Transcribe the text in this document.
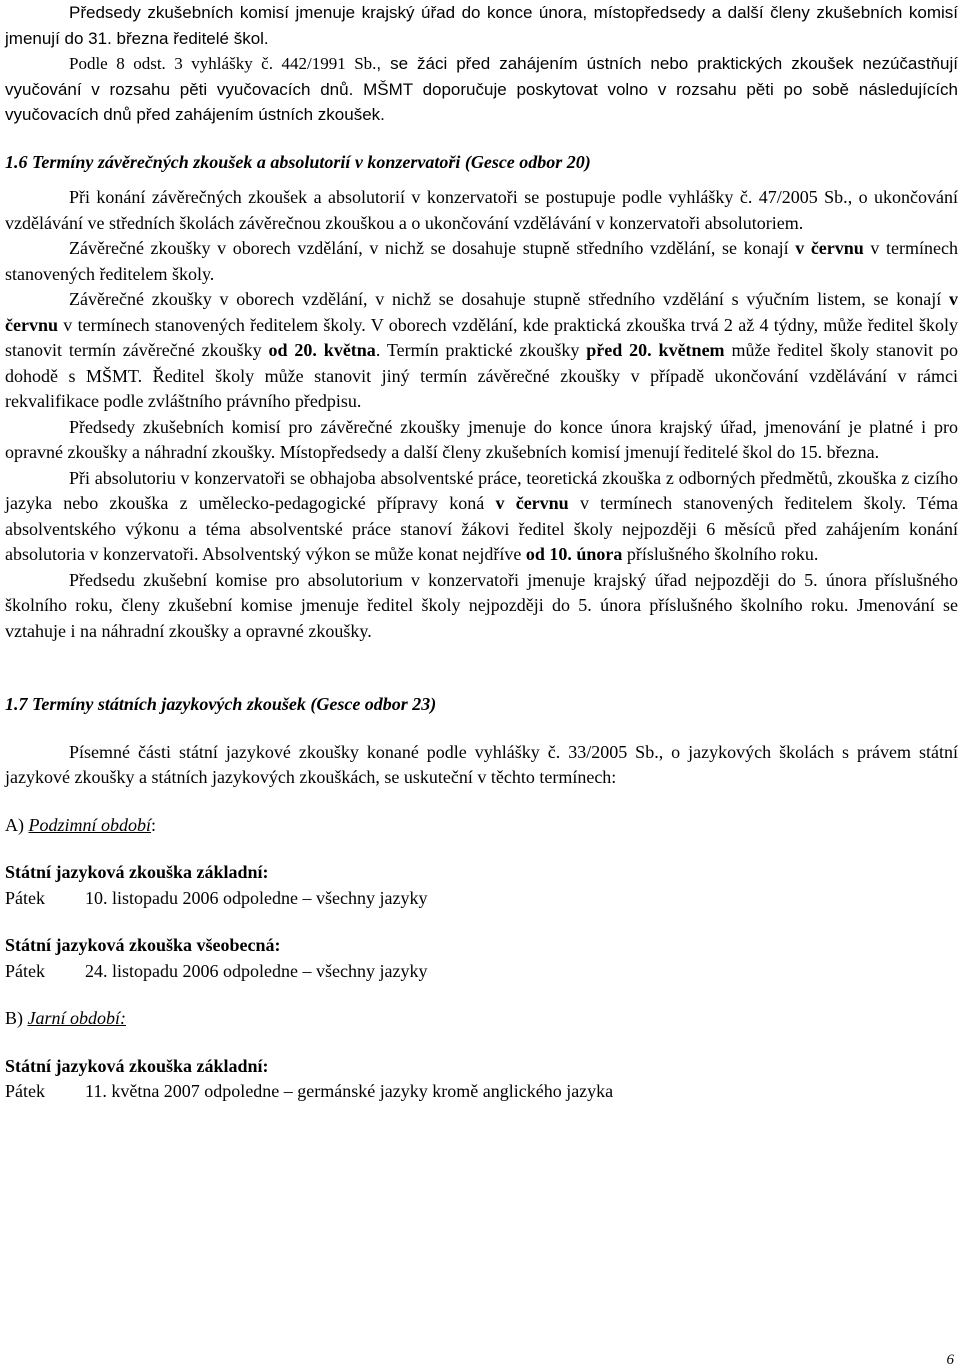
Předsedy zkušebních komisí jmenuje krajský úřad do konce února, místopředsedy a další členy zkušebních komisí jmenují do 31. března ředitelé škol.

Podle 8 odst. 3 vyhlášky č. 442/1991 Sb., se žáci před zahájením ústních nebo praktických zkoušek nezúčastňují vyučování v rozsahu pěti vyučovacích dnů. MŠMT doporučuje poskytovat volno v rozsahu pěti po sobě následujících vyučovacích dnů před zahájením ústních zkoušek.

1.6 Termíny závěrečných zkoušek a absolutorií v konzervatoři (Gesce odbor 20)

Při konání závěrečných zkoušek a absolutorií v konzervatoři se postupuje podle vyhlášky č. 47/2005 Sb., o ukončování vzdělávání ve středních školách závěrečnou zkouškou a o ukončování vzdělávání v konzervatoři absolutoriem.

Závěrečné zkoušky v oborech vzdělání, v nichž se dosahuje stupně středního vzdělání, se konají v červnu v termínech stanovených ředitelem školy.

Závěrečné zkoušky v oborech vzdělání, v nichž se dosahuje stupně středního vzdělání s výučním listem, se konají v červnu v termínech stanovených ředitelem školy. V oborech vzdělání, kde praktická zkouška trvá 2 až 4 týdny, může ředitel školy stanovit termín závěrečné zkoušky od 20. května. Termín praktické zkoušky před 20. květnem může ředitel školy stanovit po dohodě s MŠMT. Ředitel školy může stanovit jiný termín závěrečné zkoušky v případě ukončování vzdělávání v rámci rekvalifikace podle zvláštního právního předpisu.

Předsedy zkušebních komisí pro závěrečné zkoušky jmenuje do konce února krajský úřad, jmenování je platné i pro opravné zkoušky a náhradní zkoušky. Místopředsedy a další členy zkušebních komisí jmenují ředitelé škol do 15. března.

Při absolutoriu v konzervatoři se obhajoba absolventské práce, teoretická zkouška z odborných předmětů, zkouška z cizího jazyka nebo zkouška z umělecko-pedagogické přípravy koná v červnu v termínech stanovených ředitelem školy. Téma absolventského výkonu a téma absolventské práce stanoví žákovi ředitel školy nejpozději 6 měsíců před zahájením konání absolutoria v konzervatoři. Absolventský výkon se může konat nejdříve od 10. února příslušného školního roku.

Předsedu zkušební komise pro absolutorium v konzervatoři jmenuje krajský úřad nejpozději do 5. února příslušného školního roku, členy zkušební komise jmenuje ředitel školy nejpozději do 5. února příslušného školního roku. Jmenování se vztahuje i na náhradní zkoušky a opravné zkoušky.

1.7 Termíny státních jazykových zkoušek (Gesce odbor 23)

Písemné části státní jazykové zkoušky konané podle vyhlášky č. 33/2005 Sb., o jazykových školách s právem státní jazykové zkoušky a státních jazykových zkouškách, se uskuteční v těchto termínech:

A) Podzimní období:

Státní jazyková zkouška základní:

Pátek	10. listopadu 2006 odpoledne – všechny jazyky

Státní jazyková zkouška všeobecná:

Pátek	24. listopadu 2006 odpoledne – všechny jazyky

B) Jarní období:

Státní jazyková zkouška základní:

Pátek	11. května 2007 odpoledne – germánské jazyky kromě anglického jazyka
6
